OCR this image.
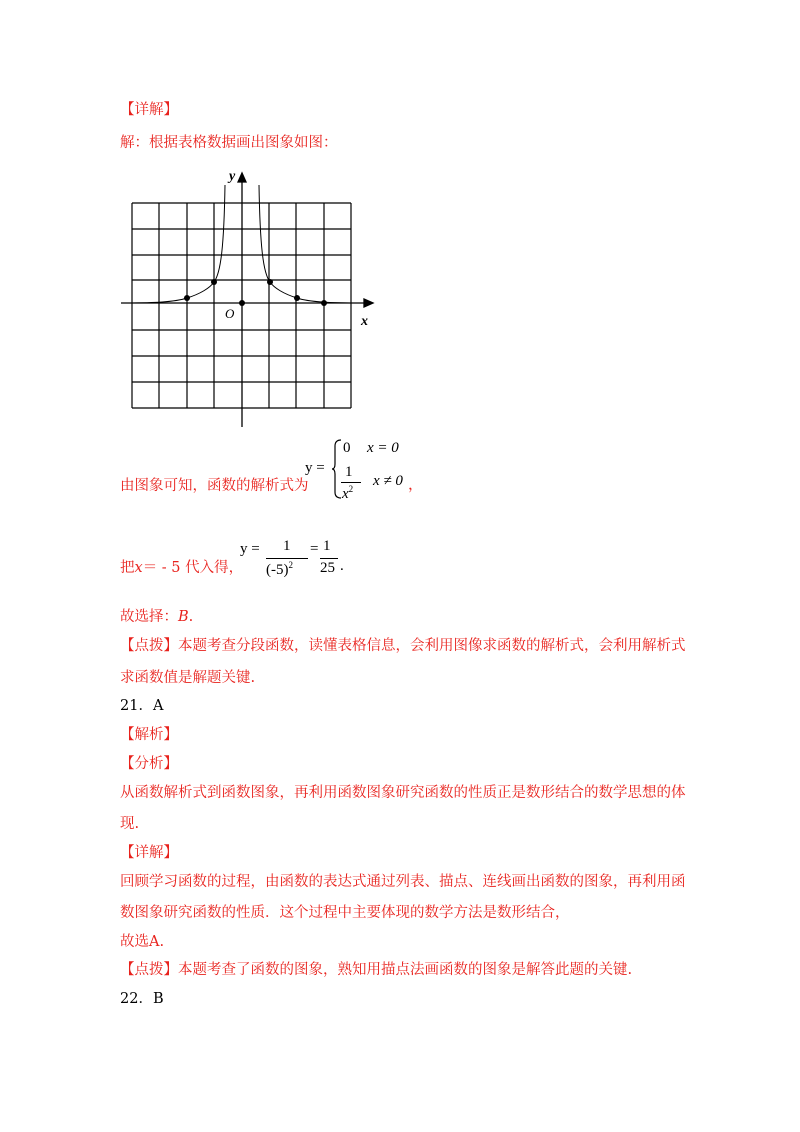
【详解】
解：根据表格数据画出图象如图：
y
x
O
由图象可知，函数的解析式为
y =
0 x = 0
1
$x^2$ x ≠ 0 ，
把x＝ - 5 代入得，
y = 1
$(-5)^2$
= 1
25 .
故选择：B.
【点拨】本题考查分段函数，读懂表格信息，会利用图像求函数的解析式，会利用解析式
求函数值是解题关键.
21．A
【解析】
【分析】
从函数解析式到函数图象，再利用函数图象研究函数的性质正是数形结合的数学思想的体
现.
【详解】
回顾学习函数的过程，由函数的表达式通过列表、描点、连线画出函数的图象，再利用函
数图象研究函数的性质．这个过程中主要体现的数学方法是数形结合，
故选A.
【点拨】本题考查了函数的图象，熟知用描点法画函数的图象是解答此题的关键.
22．B
